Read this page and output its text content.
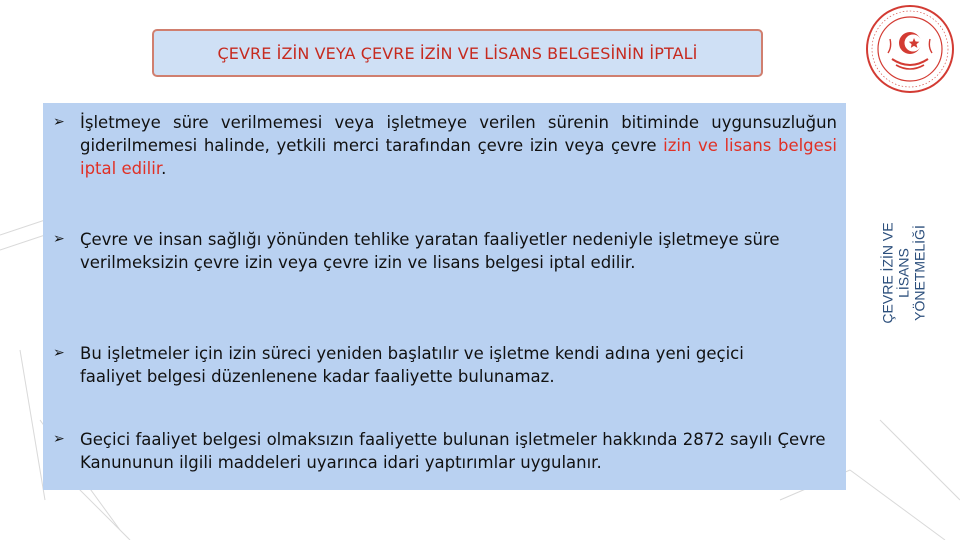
ÇEVRE İZİN VEYA ÇEVRE İZİN VE LİSANS BELGESİNİN İPTALİ
ÇEVRE İZİN VE LİSANS YÖNETMELİĞİ
➢ İşletmeye süre verilmemesi veya işletmeye verilen sürenin bitiminde uygunsuzluğun giderilmemesi halinde, yetkili merci tarafından çevre izin veya çevre izin ve lisans belgesi iptal edilir.
➢ Çevre ve insan sağlığı yönünden tehlike yaratan faaliyetler nedeniyle işletmeye süre verilmeksizin çevre izin veya çevre izin ve lisans belgesi iptal edilir.
➢ Bu işletmeler için izin süreci yeniden başlatılır ve işletme kendi adına yeni geçici faaliyet belgesi düzenlenene kadar faaliyette bulunamaz.
➢ Geçici faaliyet belgesi olmaksızın faaliyette bulunan işletmeler hakkında 2872 sayılı Çevre Kanununun ilgili maddeleri uyarınca idari yaptırımlar uygulanır.
